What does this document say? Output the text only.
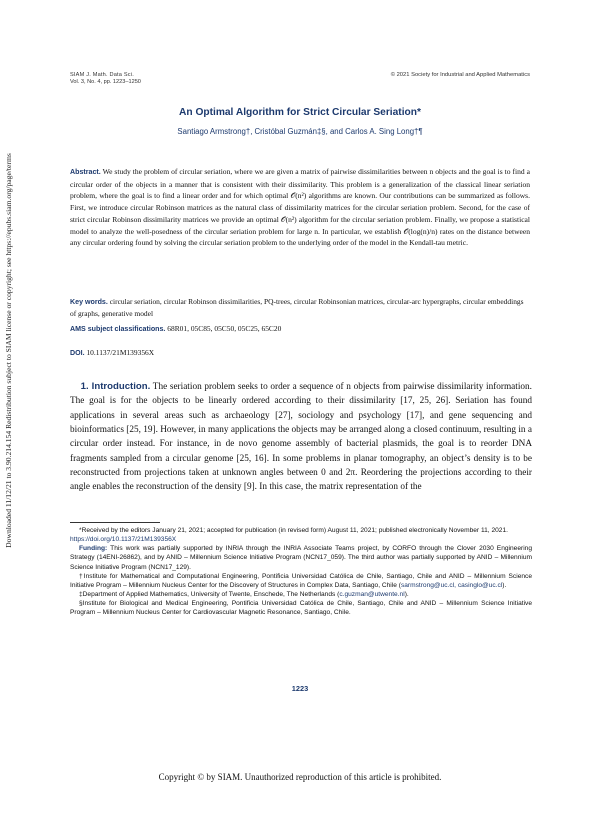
Downloaded 11/12/21 to 3.90.214.154 Redistribution subject to SIAM license or copyright; see https://epubs.siam.org/page/terms
SIAM J. Math. Data Sci.
Vol. 3, No. 4, pp. 1223–1250
© 2021 Society for Industrial and Applied Mathematics
An Optimal Algorithm for Strict Circular Seriation*
Santiago Armstrong†, Cristóbal Guzmán‡§, and Carlos A. Sing Long†¶
Abstract. We study the problem of circular seriation, where we are given a matrix of pairwise dissimilarities between n objects and the goal is to find a circular order of the objects in a manner that is consistent with their dissimilarity. This problem is a generalization of the classical linear seriation problem, where the goal is to find a linear order and for which optimal 𝒪(n²) algorithms are known. Our contributions can be summarized as follows. First, we introduce circular Robinson matrices as the natural class of dissimilarity matrices for the circular seriation problem. Second, for the case of strict circular Robinson dissimilarity matrices we provide an optimal 𝒪(n²) algorithm for the circular seriation problem. Finally, we propose a statistical model to analyze the well-posedness of the circular seriation problem for large n. In particular, we establish 𝒪(log(n)/n) rates on the distance between any circular ordering found by solving the circular seriation problem to the underlying order of the model in the Kendall-tau metric.
Key words. circular seriation, circular Robinson dissimilarities, PQ-trees, circular Robinsonian matrices, circular-arc hypergraphs, circular embeddings of graphs, generative model
AMS subject classifications. 68R01, 05C85, 05C50, 05C25, 65C20
DOI. 10.1137/21M139356X
1. Introduction. The seriation problem seeks to order a sequence of n objects from pairwise dissimilarity information. The goal is for the objects to be linearly ordered according to their dissimilarity [17, 25, 26]. Seriation has found applications in several areas such as archaeology [27], sociology and psychology [17], and gene sequencing and bioinformatics [25, 19]. However, in many applications the objects may be arranged along a closed continuum, resulting in a circular order instead. For instance, in de novo genome assembly of bacterial plasmids, the goal is to reorder DNA fragments sampled from a circular genome [25, 16]. In some problems in planar tomography, an object’s density is to be reconstructed from projections taken at unknown angles between 0 and 2π. Reordering the projections according to their angle enables the reconstruction of the density [9]. In this case, the matrix representation of the

*Received by the editors January 21, 2021; accepted for publication (in revised form) August 11, 2021; published electronically November 11, 2021.
https://doi.org/10.1137/21M139356X

Funding: This work was partially supported by INRIA through the INRIA Associate Teams project, by CORFO through the Clover 2030 Engineering Strategy (14ENI-26862), and by ANID – Millennium Science Initiative Program (NCN17_059). The third author was partially supported by ANID – Millennium Science Initiative Program (NCN17_129).

†Institute for Mathematical and Computational Engineering, Pontificia Universidad Católica de Chile, Santiago, Chile and ANID – Millennium Science Initiative Program – Millennium Nucleus Center for the Discovery of Structures in Complex Data, Santiago, Chile (sarmstrong@uc.cl, casinglo@uc.cl).

‡Department of Applied Mathematics, University of Twente, Enschede, The Netherlands (c.guzman@utwente.nl).

§Institute for Biological and Medical Engineering, Pontificia Universidad Católica de Chile, Santiago, Chile and ANID – Millennium Science Initiative Program – Millennium Nucleus Center for Cardiovascular Magnetic Resonance, Santiago, Chile.

1223
Copyright © by SIAM. Unauthorized reproduction of this article is prohibited.
